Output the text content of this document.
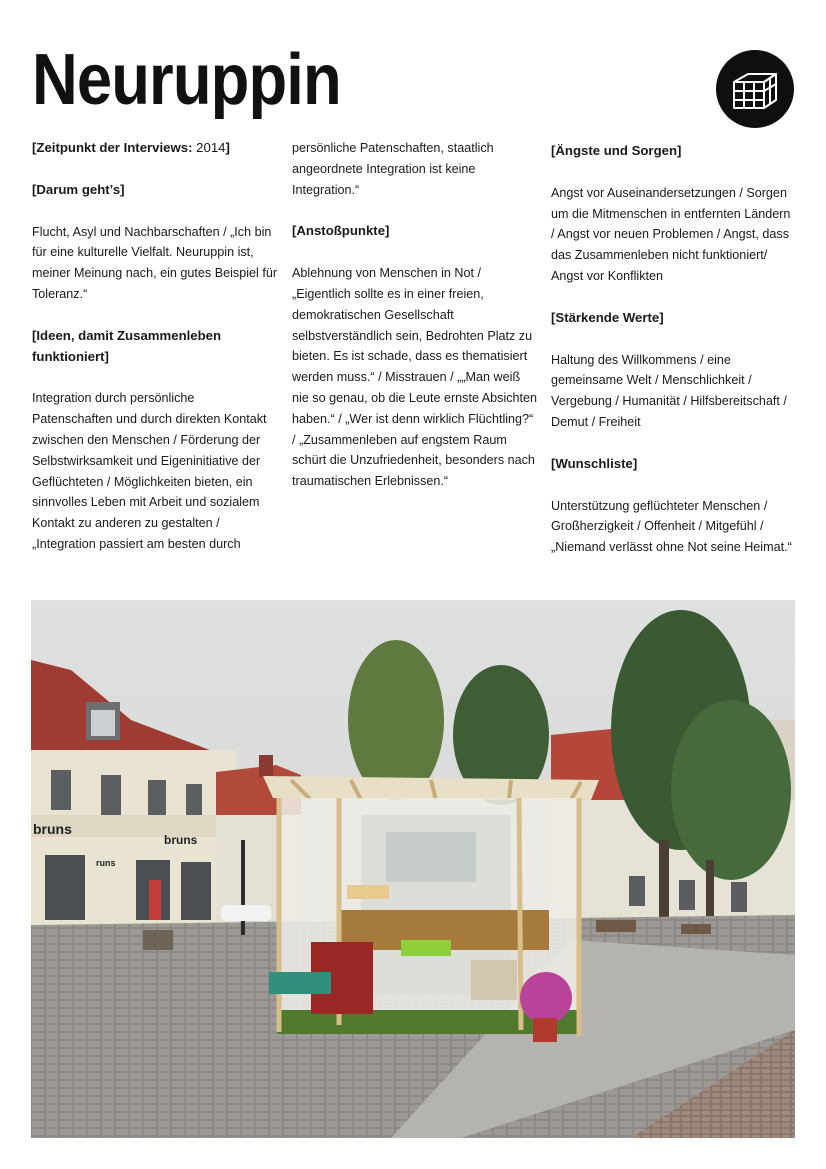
Neuruppin

[Zeitpunkt der Interviews: 2014]

[Darum geht’s]

Flucht, Asyl und Nachbarschaften / „Ich bin für eine kulturelle Vielfalt. Neuruppin ist, meiner Meinung nach, ein gutes Beispiel für Toleranz.“

[Ideen, damit Zusammenleben funktioniert]

Integration durch persönliche Patenschaften und durch direkten Kontakt zwischen den Menschen / Förderung der Selbstwirksamkeit und Eigeninitiative der Geflüchteten / Möglichkeiten bieten, ein sinnvolles Leben mit Arbeit und sozialem Kontakt zu anderen zu gestalten / „Integration passiert am besten durch

persönliche Patenschaften, staatlich angeordnete Integration ist keine Integration.“

[Anstoßpunkte]

Ablehnung von Menschen in Not / „Eigentlich sollte es in einer freien, demokratischen Gesellschaft selbstverständlich sein, Bedrohten Platz zu bieten. Es ist schade, dass es thematisiert werden muss.“ / Misstrauen / „„Man weiß nie so genau, ob die Leute ernste Absichten haben.“ / „Wer ist denn wirklich Flüchtling?“ / „Zusammenleben auf engstem Raum schürt die Unzufriedenheit, besonders nach traumatischen Erlebnissen.“

[Ängste und Sorgen]

Angst vor Auseinandersetzungen / Sorgen um die Mitmenschen in entfernten Ländern / Angst vor neuen Problemen / Angst, dass das Zusammenleben nicht funktioniert/ Angst vor Konflikten

[Stärkende Werte]

Haltung des Willkommens / eine gemeinsame Welt / Menschlichkeit / Vergebung / Humanität / Hilfsbereitschaft / Demut / Freiheit

[Wunschliste]

Unterstützung geflüchteter Menschen / Großherzigkeit / Offenheit / Mitgefühl / „Niemand verlässt ohne Not seine Heimat.“

bruns
bruns
runs
